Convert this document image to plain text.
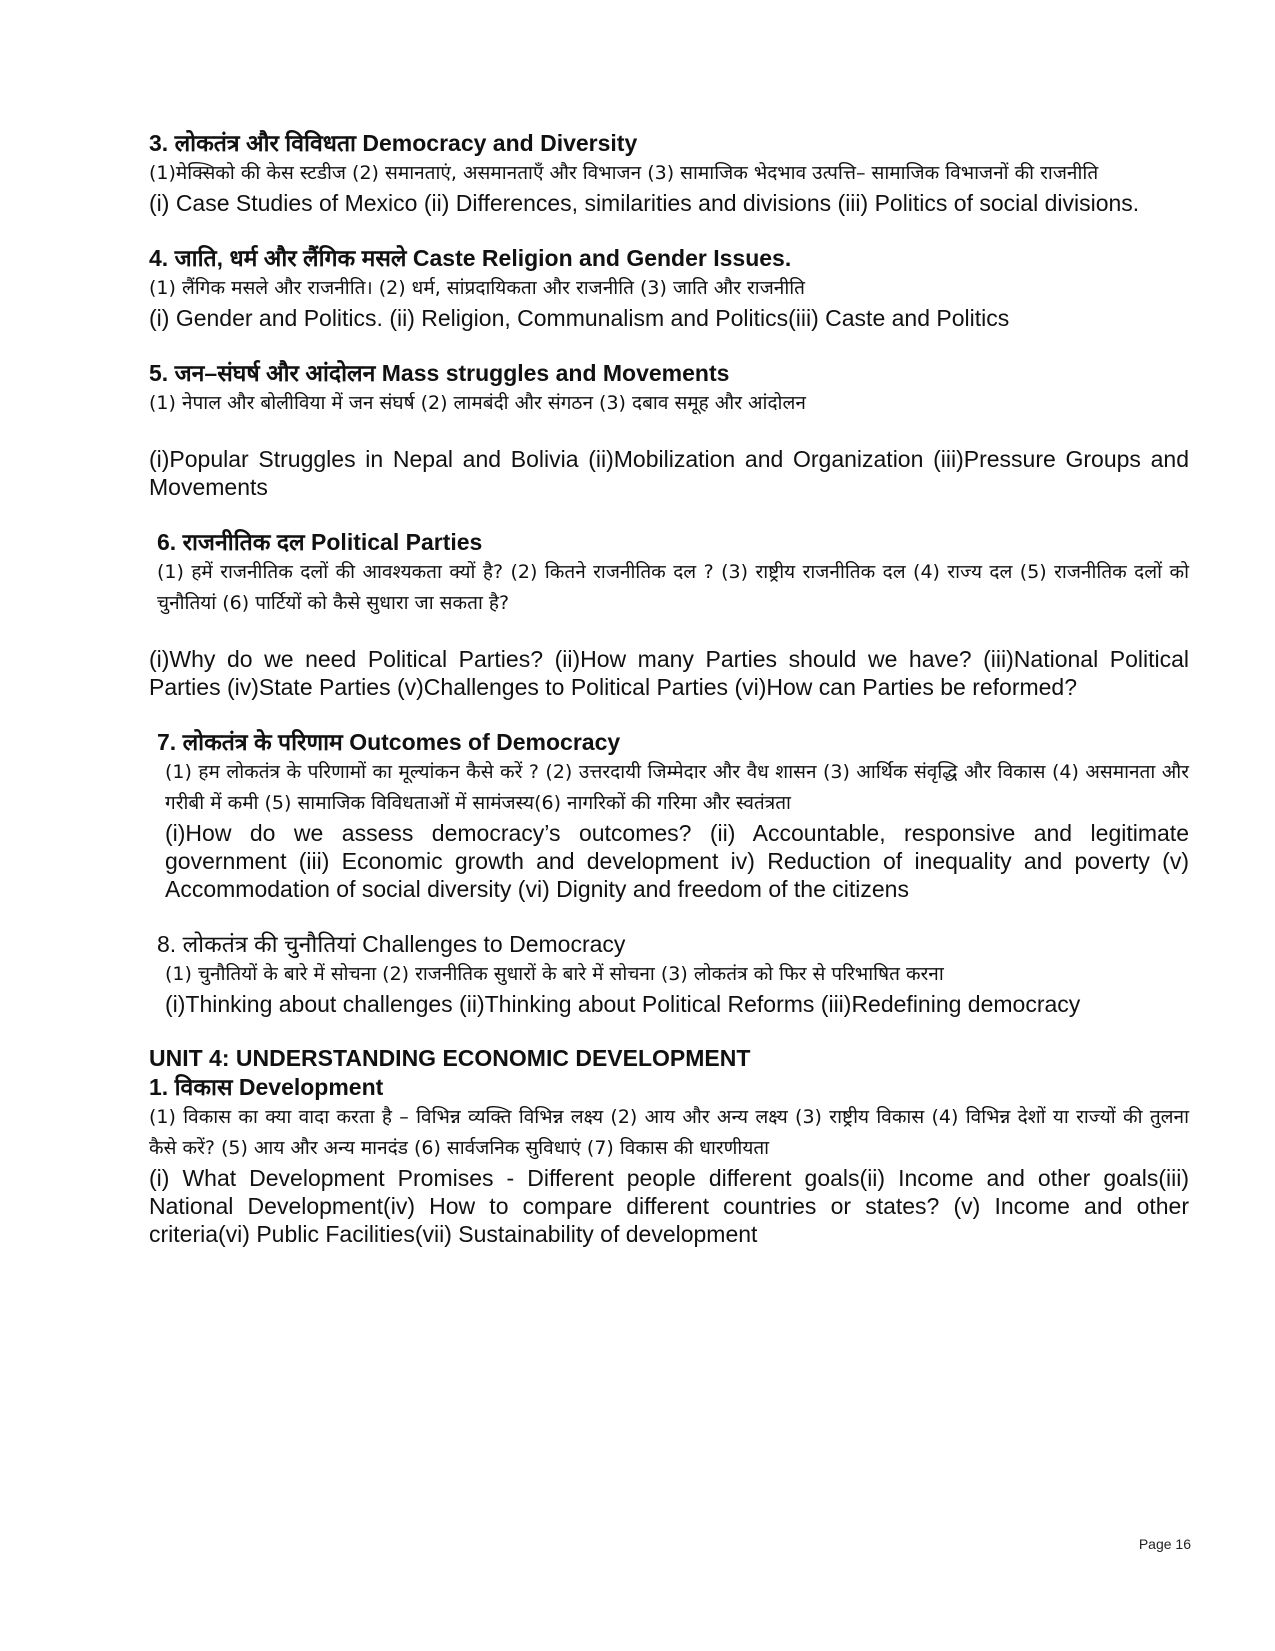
3. लोकतंत्र और विविधता Democracy and Diversity

(1)मेक्सिको की केस स्टडीज (2) समानताएं, असमानताएँ और विभाजन (3) सामाजिक भेदभाव उत्पत्ति– सामाजिक विभाजनों की राजनीति

(i) Case Studies of Mexico (ii) Differences, similarities and divisions (iii) Politics of social divisions.

4. जाति, धर्म और लैंगिक मसले Caste Religion and Gender Issues.

(1) लैंगिक मसले और राजनीति। (2) धर्म, सांप्रदायिकता और राजनीति (3) जाति और राजनीति

(i) Gender and Politics. (ii) Religion, Communalism and Politics(iii) Caste and Politics

5. जन–संघर्ष और आंदोलन Mass struggles and Movements

(1) नेपाल और बोलीविया में जन संघर्ष (2) लामबंदी और संगठन (3) दबाव समूह और आंदोलन

(i)Popular Struggles in Nepal and Bolivia (ii)Mobilization and Organization (iii)Pressure Groups and Movements

6. राजनीतिक दल Political Parties

(1) हमें राजनीतिक दलों की आवश्यकता क्यों है? (2) कितने राजनीतिक दल ? (3) राष्ट्रीय राजनीतिक दल (4) राज्य दल (5) राजनीतिक दलों को चुनौतियां (6) पार्टियों को कैसे सुधारा जा सकता है?

(i)Why do we need Political Parties? (ii)How many Parties should we have? (iii)National Political Parties (iv)State Parties (v)Challenges to Political Parties (vi)How can Parties be reformed?

7. लोकतंत्र के परिणाम Outcomes of Democracy

(1) हम लोकतंत्र के परिणामों का मूल्यांकन कैसे करें ? (2) उत्तरदायी जिम्मेदार और वैध शासन (3) आर्थिक संवृद्धि और विकास (4) असमानता और गरीबी में कमी (5) सामाजिक विविधताओं में सामंजस्य(6) नागरिकों की गरिमा और स्वतंत्रता

(i)How do we assess democracy’s outcomes? (ii) Accountable, responsive and legitimate government (iii) Economic growth and development iv) Reduction of inequality and poverty (v) Accommodation of social diversity (vi) Dignity and freedom of the citizens

8. लोकतंत्र की चुनौतियां Challenges to Democracy

(1) चुनौतियों के बारे में सोचना (2) राजनीतिक सुधारों के बारे में सोचना (3) लोकतंत्र को फिर से परिभाषित करना

(i)Thinking about challenges (ii)Thinking about Political Reforms (iii)Redefining democracy

UNIT 4: UNDERSTANDING ECONOMIC DEVELOPMENT

1. विकास Development

(1) विकास का क्या वादा करता है – विभिन्न व्यक्ति विभिन्न लक्ष्य (2) आय और अन्य लक्ष्य (3) राष्ट्रीय विकास (4) विभिन्न देशों या राज्यों की तुलना कैसे करें? (5) आय और अन्य मानदंड (6) सार्वजनिक सुविधाएं (7) विकास की धारणीयता

(i) What Development Promises - Different people different goals(ii) Income and other goals(iii) National Development(iv) How to compare different countries or states? (v) Income and other criteria(vi) Public Facilities(vii) Sustainability of development

Page 16
